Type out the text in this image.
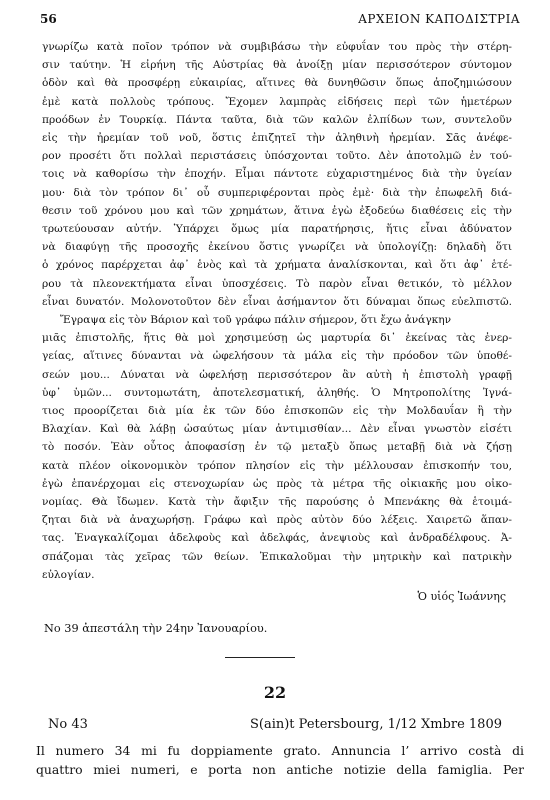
56	ΑΡΧΕΙΟΝ ΚΑΠΟΔΙΣΤΡΙΑ
γνωρίζω κατὰ ποῖον τρόπον νὰ συμβιβάσω τὴν εὐφυΐαν του πρὸς τὴν στέρη-
σιν ταύτην. Ἡ εἰρήνη τῆς Αὐστρίας θὰ ἀνοίξῃ μίαν περισσότερον σύντομον
ὁδὸν καὶ θὰ προσφέρῃ εὐκαιρίας, αἵτινες θὰ δυνηθῶσιν ὅπως ἀποζημιώσουν
ἐμὲ κατὰ πολλοὺς τρόπους. Ἔχομεν λαμπρὰς εἰδήσεις περὶ τῶν ἡμετέρων
προόδων ἐν Τουρκίᾳ. Πάντα ταῦτα, διὰ τῶν καλῶν ἐλπίδων των, συντελοῦν
εἰς τὴν ἠρεμίαν τοῦ νοῦ, ὅστις ἐπιζητεῖ τὴν ἀληθινὴ ἠρεμίαν. Σᾶς ἀνέφε-
ρον προσέτι ὅτι πολλαὶ περιστάσεις ὑπόσχονται τοῦτο. Δὲν ἀποτολμῶ ἐν τού-
τοις νὰ καθορίσω τὴν ἐποχήν. Εἶμαι πάντοτε εὐχαριστημένος διὰ τὴν ὑγείαν
μου· διὰ τὸν τρόπον δι᾽ οὗ συμπεριφέρονται πρὸς ἐμὲ· διὰ τὴν ἐπωφελῆ διά-
θεσιν τοῦ χρόνου μου καὶ τῶν χρημάτων, ἅτινα ἐγὼ ἐξοδεύω διαθέσεις εἰς τὴν
τρωτεύουσαν αὐτήν. Ὑπάρχει ὅμως μία παρατήρησις, ἥτις εἶναι ἀδύνατον
νὰ διαφύγῃ τῆς προσοχῆς ἐκείνου ὅστις γνωρίζει νὰ ὑπολογίζῃ: δηλαδὴ ὅτι
ὁ χρόνος παρέρχεται ἀφ᾽ ἑνὸς καὶ τὰ χρήματα ἀναλίσκονται, καὶ ὅτι ἀφ᾽ ἑτέ-
ρου τὰ πλεονεκτήματα εἶναι ὑποσχέσεις. Τὸ παρὸν εἶναι θετικόν, τὸ μέλλον
εἶναι δυνατόν. Μολονοτοῦτον δὲν εἶναι ἀσήμαντον ὅτι δύναμαι ὅπως εὐελπιστῶ.
Ἔγραψα εἰς τὸν Βάριον καὶ τοῦ γράφω πάλιν σήμερον, ὅτι ἔχω ἀνάγκην
μιᾶς ἐπιστολῆς, ἥτις θὰ μοὶ χρησιμεύσῃ ὡς μαρτυρία δι᾽ ἐκείνας τὰς ἐνερ-
γείας, αἵτινες δύνανται νὰ ὠφελήσουν τὰ μάλα εἰς τὴν πρόοδον τῶν ὑποθέ-
σεών μου... Δύναται νὰ ὠφελήσῃ περισσότερον ἂν αὐτὴ ἡ ἐπιστολὴ γραφῇ
ὑφ᾽ ὑμῶν... συντομωτάτη, ἀποτελεσματική, ἀληθής. Ὁ Μητροπολίτης Ἰγνά-
τιος προορίζεται διὰ μία ἐκ τῶν δύο ἐπισκοπῶν εἰς τὴν Μολδαυΐαν ἢ τὴν
Βλαχίαν. Καὶ θὰ λάβῃ ὡσαύτως μίαν ἀντιμισθίαν... Δὲν εἶναι γνωστὸν εἰσέτι
τὸ ποσόν. Ἐὰν οὗτος ἀποφασίσῃ ἐν τῷ μεταξὺ ὅπως μεταβῇ διὰ νὰ ζήσῃ
κατὰ πλέον οἰκονομικὸν τρόπον πλησίον εἰς τὴν μέλλουσαν ἐπισκοπήν του,
ἐγὼ ἐπανέρχομαι εἰς στενοχωρίαν ὡς πρὸς τὰ μέτρα τῆς οἰκιακῆς μου οἰκο-
νομίας. Θὰ ἴδωμεν. Κατὰ τὴν ἄφιξιν τῆς παρούσης ὁ Μπενάκης θὰ ἑτοιμά-
ζηται διὰ νὰ ἀναχωρήσῃ. Γράφω καὶ πρὸς αὐτὸν δύο λέξεις. Χαιρετῶ ἅπαν-
τας. Ἐναγκαλίζομαι ἀδελφοὺς καὶ ἀδελφάς, ἀνεψιοὺς καὶ ἀνδραδέλφους. Ἀ-
σπάζομαι τὰς χεῖρας τῶν θείων. Ἐπικαλοῦμαι τὴν μητρικὴν καὶ πατρικὴν
εὐλογίαν.
Ὁ υἱός Ἰωάννης
Νο 39 ἀπεστάλη τὴν 24ην Ἰανουαρίου.
22
No 43	S(ain)t Petersbourg, 1/12 Xmbre 1809
Il numero 34 mi fu doppiamente grato. Annuncia l’ arrivo costà di
quattro miei numeri, e porta non antiche notizie della famiglia. Per
